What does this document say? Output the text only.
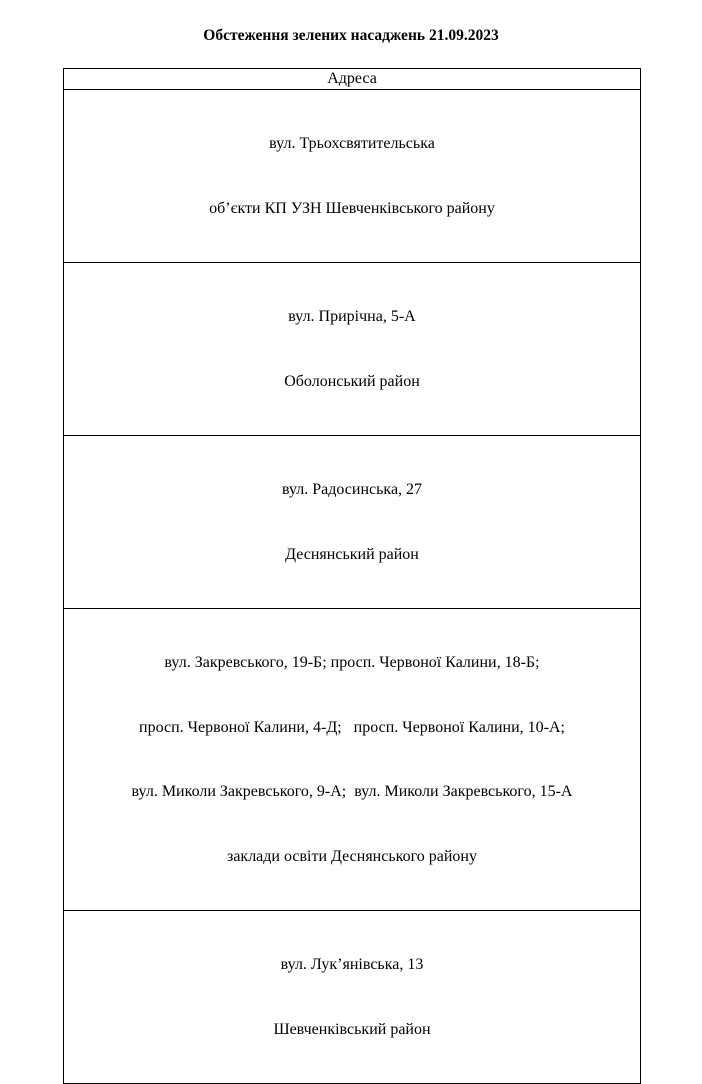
Обстеження зелених насаджень 21.09.2023
Адреса

вул. Трьохсвятительська

об’єкти КП УЗН Шевченківського району

вул. Прирічна, 5-А

Оболонський район

вул. Радосинська, 27

Деснянський район

вул. Закревського, 19-Б; просп. Червоної Калини, 18-Б;

просп. Червоної Калини, 4-Д;   просп. Червоної Калини, 10-А;

вул. Миколи Закревського, 9-А;  вул. Миколи Закревського, 15-А

заклади освіти Деснянського району

вул. Лук’янівська, 13

Шевченківський район
